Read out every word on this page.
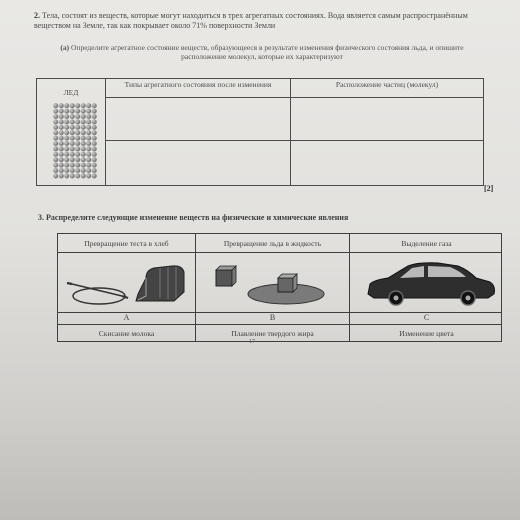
2. Тела, состоят из веществ, которые могут находиться в трех агрегатных состояниях. Вода является самым распространённым веществом на Земле, так как покрывает около 71% поверхности Земли
(a) Определите агрегатное состояние веществ, образующееся в результате изменения физического состояния льда, и опишите расположение молекул, которые их характеризуют
ЛЕД
Типы агрегатного состояния после изменения	Расположение частиц (молекул)
[2]
3. Распределите следующие изменение веществ на физические и химические явления
Превращение теста в хлеб	Превращение льда в жидкость	Выделение газа
A	B	C
Скисание молока	Плавление твердого жира	Изменение цвета
17
